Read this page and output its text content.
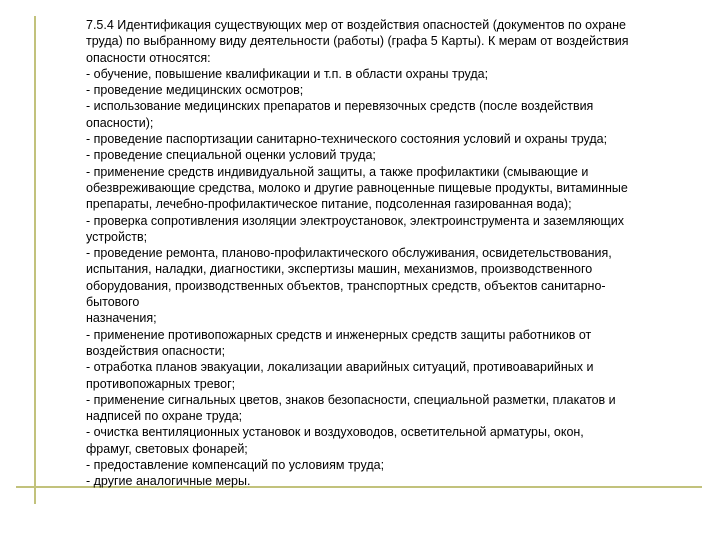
7.5.4 Идентификация существующих мер от воздействия опасностей (документов по охране
труда) по выбранному виду деятельности (работы) (графа 5 Карты). К мерам от воздействия
опасности относятся:
- обучение, повышение квалификации и т.п. в области охраны труда;
- проведение медицинских осмотров;
- использование медицинских препаратов и перевязочных средств (после воздействия
опасности);
- проведение паспортизации санитарно-технического состояния условий и охраны труда;
- проведение специальной оценки условий труда;
- применение средств индивидуальной защиты, а также профилактики (смывающие и
обезвреживающие средства, молоко и другие равноценные пищевые продукты, витаминные
препараты, лечебно-профилактическое питание, подсоленная газированная вода);
- проверка сопротивления изоляции электроустановок, электроинструмента и заземляющих
устройств;
- проведение ремонта, планово-профилактического обслуживания, освидетельствования,
испытания, наладки, диагностики, экспертизы машин, механизмов, производственного
оборудования, производственных объектов, транспортных средств, объектов санитарно-
бытового
назначения;
- применение противопожарных средств и инженерных средств защиты работников от
воздействия опасности;
- отработка планов эвакуации, локализации аварийных ситуаций, противоаварийных и
противопожарных тревог;
- применение сигнальных цветов, знаков безопасности, специальной разметки, плакатов и
надписей по охране труда;
- очистка вентиляционных установок и воздуховодов, осветительной арматуры, окон,
фрамуг, световых фонарей;
- предоставление компенсаций по условиям труда;
- другие аналогичные меры.
